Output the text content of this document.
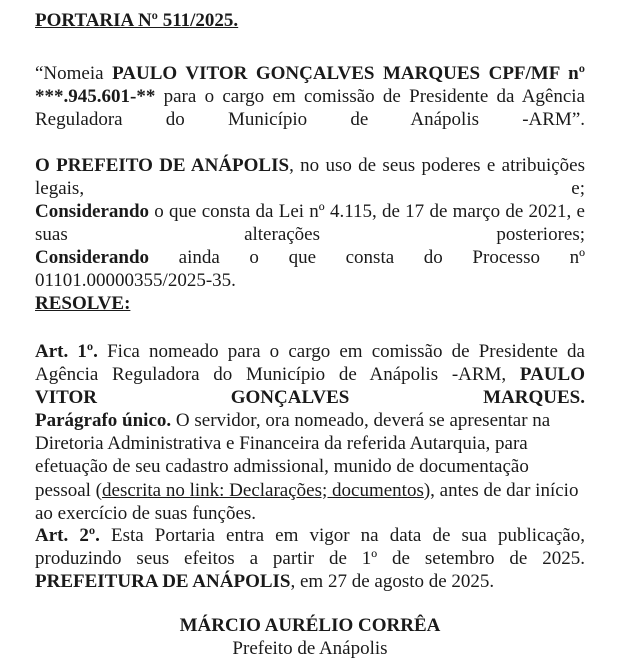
PORTARIA Nº 511/2025.

“Nomeia PAULO VITOR GONÇALVES MARQUES CPF/MF nº ***.945.601-** para o cargo em comissão de Presidente da Agência Reguladora do Município de Anápolis -ARM”.

O PREFEITO DE ANÁPOLIS, no uso de seus poderes e atribuições legais, e;

Considerando o que consta da Lei nº 4.115, de 17 de março de 2021, e suas alterações posteriores;

Considerando ainda o que consta do Processo nº 01101.00000355/2025-35.

RESOLVE:

Art. 1º. Fica nomeado para o cargo em comissão de Presidente da Agência Reguladora do Município de Anápolis -ARM, PAULO VITOR GONÇALVES MARQUES.

Parágrafo único. O servidor, ora nomeado, deverá se apresentar na Diretoria Administrativa e Financeira da referida Autarquia, para efetuação de seu cadastro admissional, munido de documentação pessoal (descrita no link: Declarações; documentos), antes de dar início ao exercício de suas funções.

Art. 2º. Esta Portaria entra em vigor na data de sua publicação, produzindo seus efeitos a partir de 1º de setembro de 2025.

PREFEITURA DE ANÁPOLIS, em 27 de agosto de 2025.

MÁRCIO AURÉLIO CORRÊA

Prefeito de Anápolis
